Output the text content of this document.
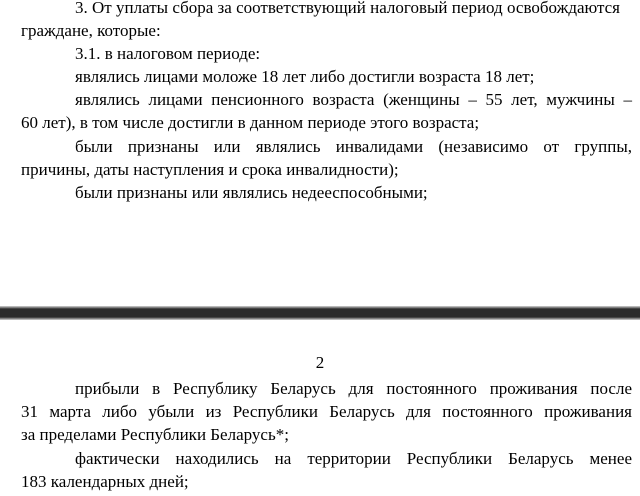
3. От уплаты сбора за соответствующий налоговый период освобождаются
граждане, которые:
3.1. в налоговом периоде:
являлись лицами моложе 18 лет либо достигли возраста 18 лет;
являлись лицами пенсионного возраста (женщины – 55 лет, мужчины –
60 лет), в том числе достигли в данном периоде этого возраста;
были признаны или являлись инвалидами (независимо от группы,
причины, даты наступления и срока инвалидности);
были признаны или являлись недееспособными;
2
прибыли в Республику Беларусь для постоянного проживания после
31 марта либо убыли из Республики Беларусь для постоянного проживания
за пределами Республики Беларусь*;
фактически находились на территории Республики Беларусь менее
183 календарных дней;
